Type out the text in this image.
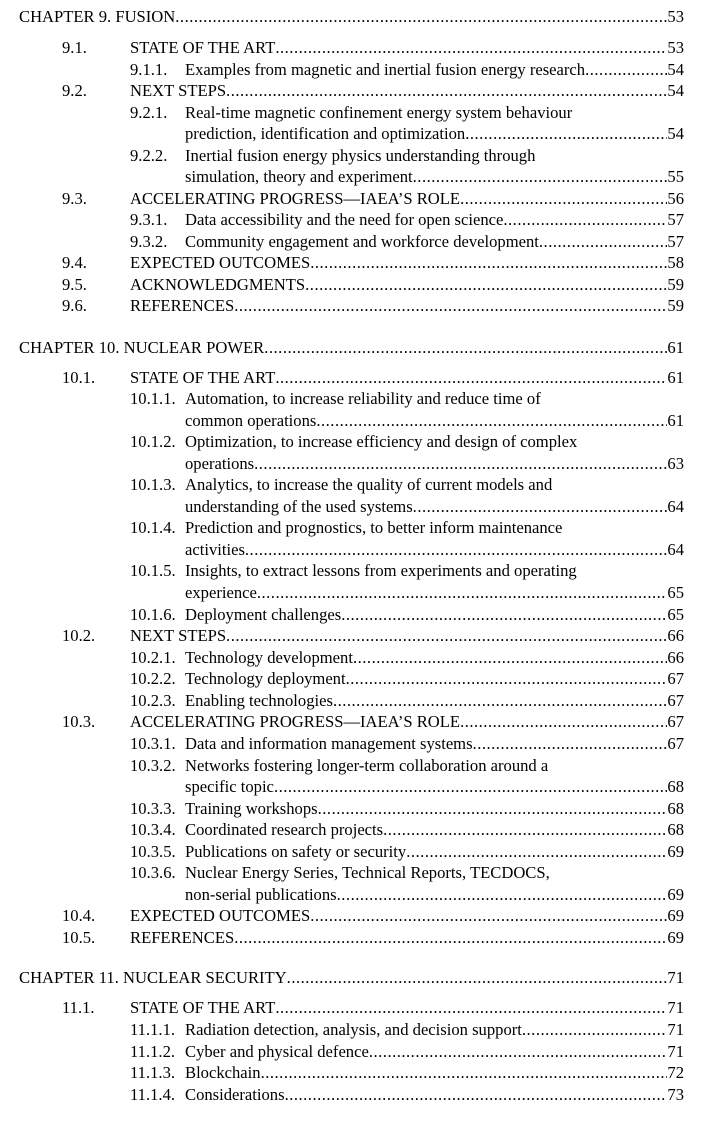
CHAPTER 9. FUSION .....	53
9.1.	STATE OF THE ART .....	53
9.1.1. Examples from magnetic and inertial fusion energy research .....	54
9.2.	NEXT STEPS .....	54
9.2.1. Real-time magnetic confinement energy system behaviour
prediction, identification and optimization .....	54
9.2.2. Inertial fusion energy physics understanding through
simulation, theory and experiment .....	55
9.3.	ACCELERATING PROGRESS—IAEA’S ROLE .....	56
9.3.1. Data accessibility and the need for open science .....	57
9.3.2. Community engagement and workforce development .....	57
9.4.	EXPECTED OUTCOMES .....	58
9.5.	ACKNOWLEDGMENTS .....	59
9.6.	REFERENCES .....	59
CHAPTER 10. NUCLEAR POWER .....	61
10.1. STATE OF THE ART .....	61
10.1.1. Automation, to increase reliability and reduce time of
common operations .....	61
10.1.2. Optimization, to increase efficiency and design of complex
operations .....	63
10.1.3. Analytics, to increase the quality of current models and
understanding of the used systems .....	64
10.1.4. Prediction and prognostics, to better inform maintenance
activities .....	64
10.1.5. Insights, to extract lessons from experiments and operating
experience .....	65
10.1.6. Deployment challenges .....	65
10.2. NEXT STEPS .....	66
10.2.1. Technology development .....	66
10.2.2. Technology deployment .....	67
10.2.3. Enabling technologies .....	67
10.3. ACCELERATING PROGRESS—IAEA’S ROLE .....	67
10.3.1. Data and information management systems .....	67
10.3.2. Networks fostering longer-term collaboration around a
specific topic .....	68
10.3.3. Training workshops .....	68
10.3.4. Coordinated research projects .....	68
10.3.5. Publications on safety or security .....	69
10.3.6. Nuclear Energy Series, Technical Reports, TECDOCS,
non-serial publications .....	69
10.4. EXPECTED OUTCOMES .....	69
10.5. REFERENCES .....	69
CHAPTER 11. NUCLEAR SECURITY .....	71
11.1. STATE OF THE ART .....	71
11.1.1. Radiation detection, analysis, and decision support .....	71
11.1.2. Cyber and physical defence .....	71
11.1.3. Blockchain .....	72
11.1.4. Considerations .....	73
